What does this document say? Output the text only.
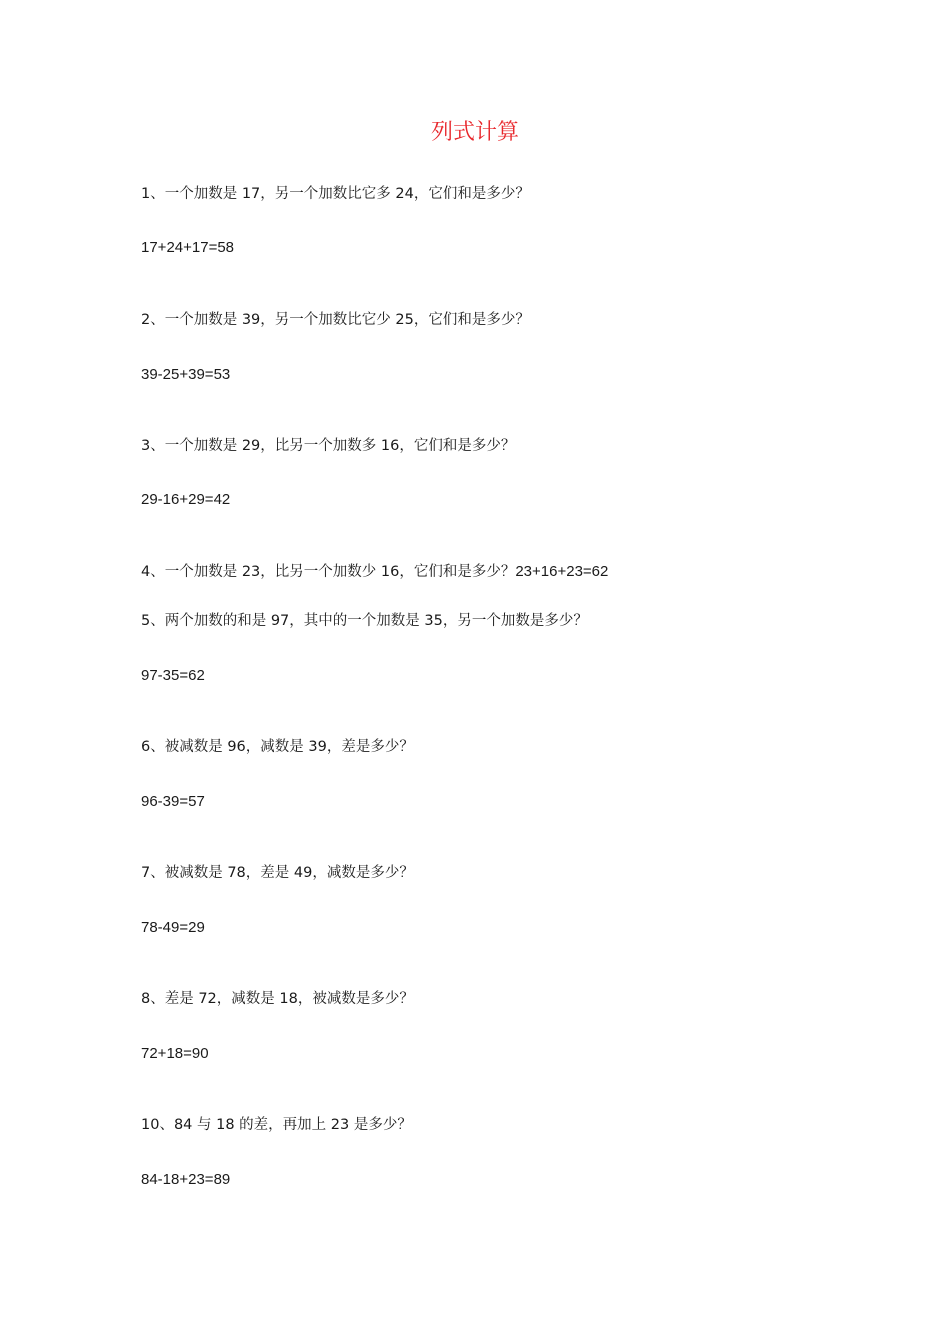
列式计算
1、一个加数是 17，另一个加数比它多 24，它们和是多少？
17+24+17=58
2、一个加数是 39，另一个加数比它少 25，它们和是多少？
39-25+39=53
3、一个加数是 29，比另一个加数多 16，它们和是多少？
29-16+29=42
4、一个加数是 23，比另一个加数少 16，它们和是多少？23+16+23=62
5、两个加数的和是 97，其中的一个加数是 35，另一个加数是多少？
97-35=62
6、被减数是 96，减数是 39，差是多少？
96-39=57
7、被减数是 78，差是 49，减数是多少？
78-49=29
8、差是 72，减数是 18，被减数是多少？
72+18=90
10、84 与 18 的差，再加上 23 是多少？
84-18+23=89
